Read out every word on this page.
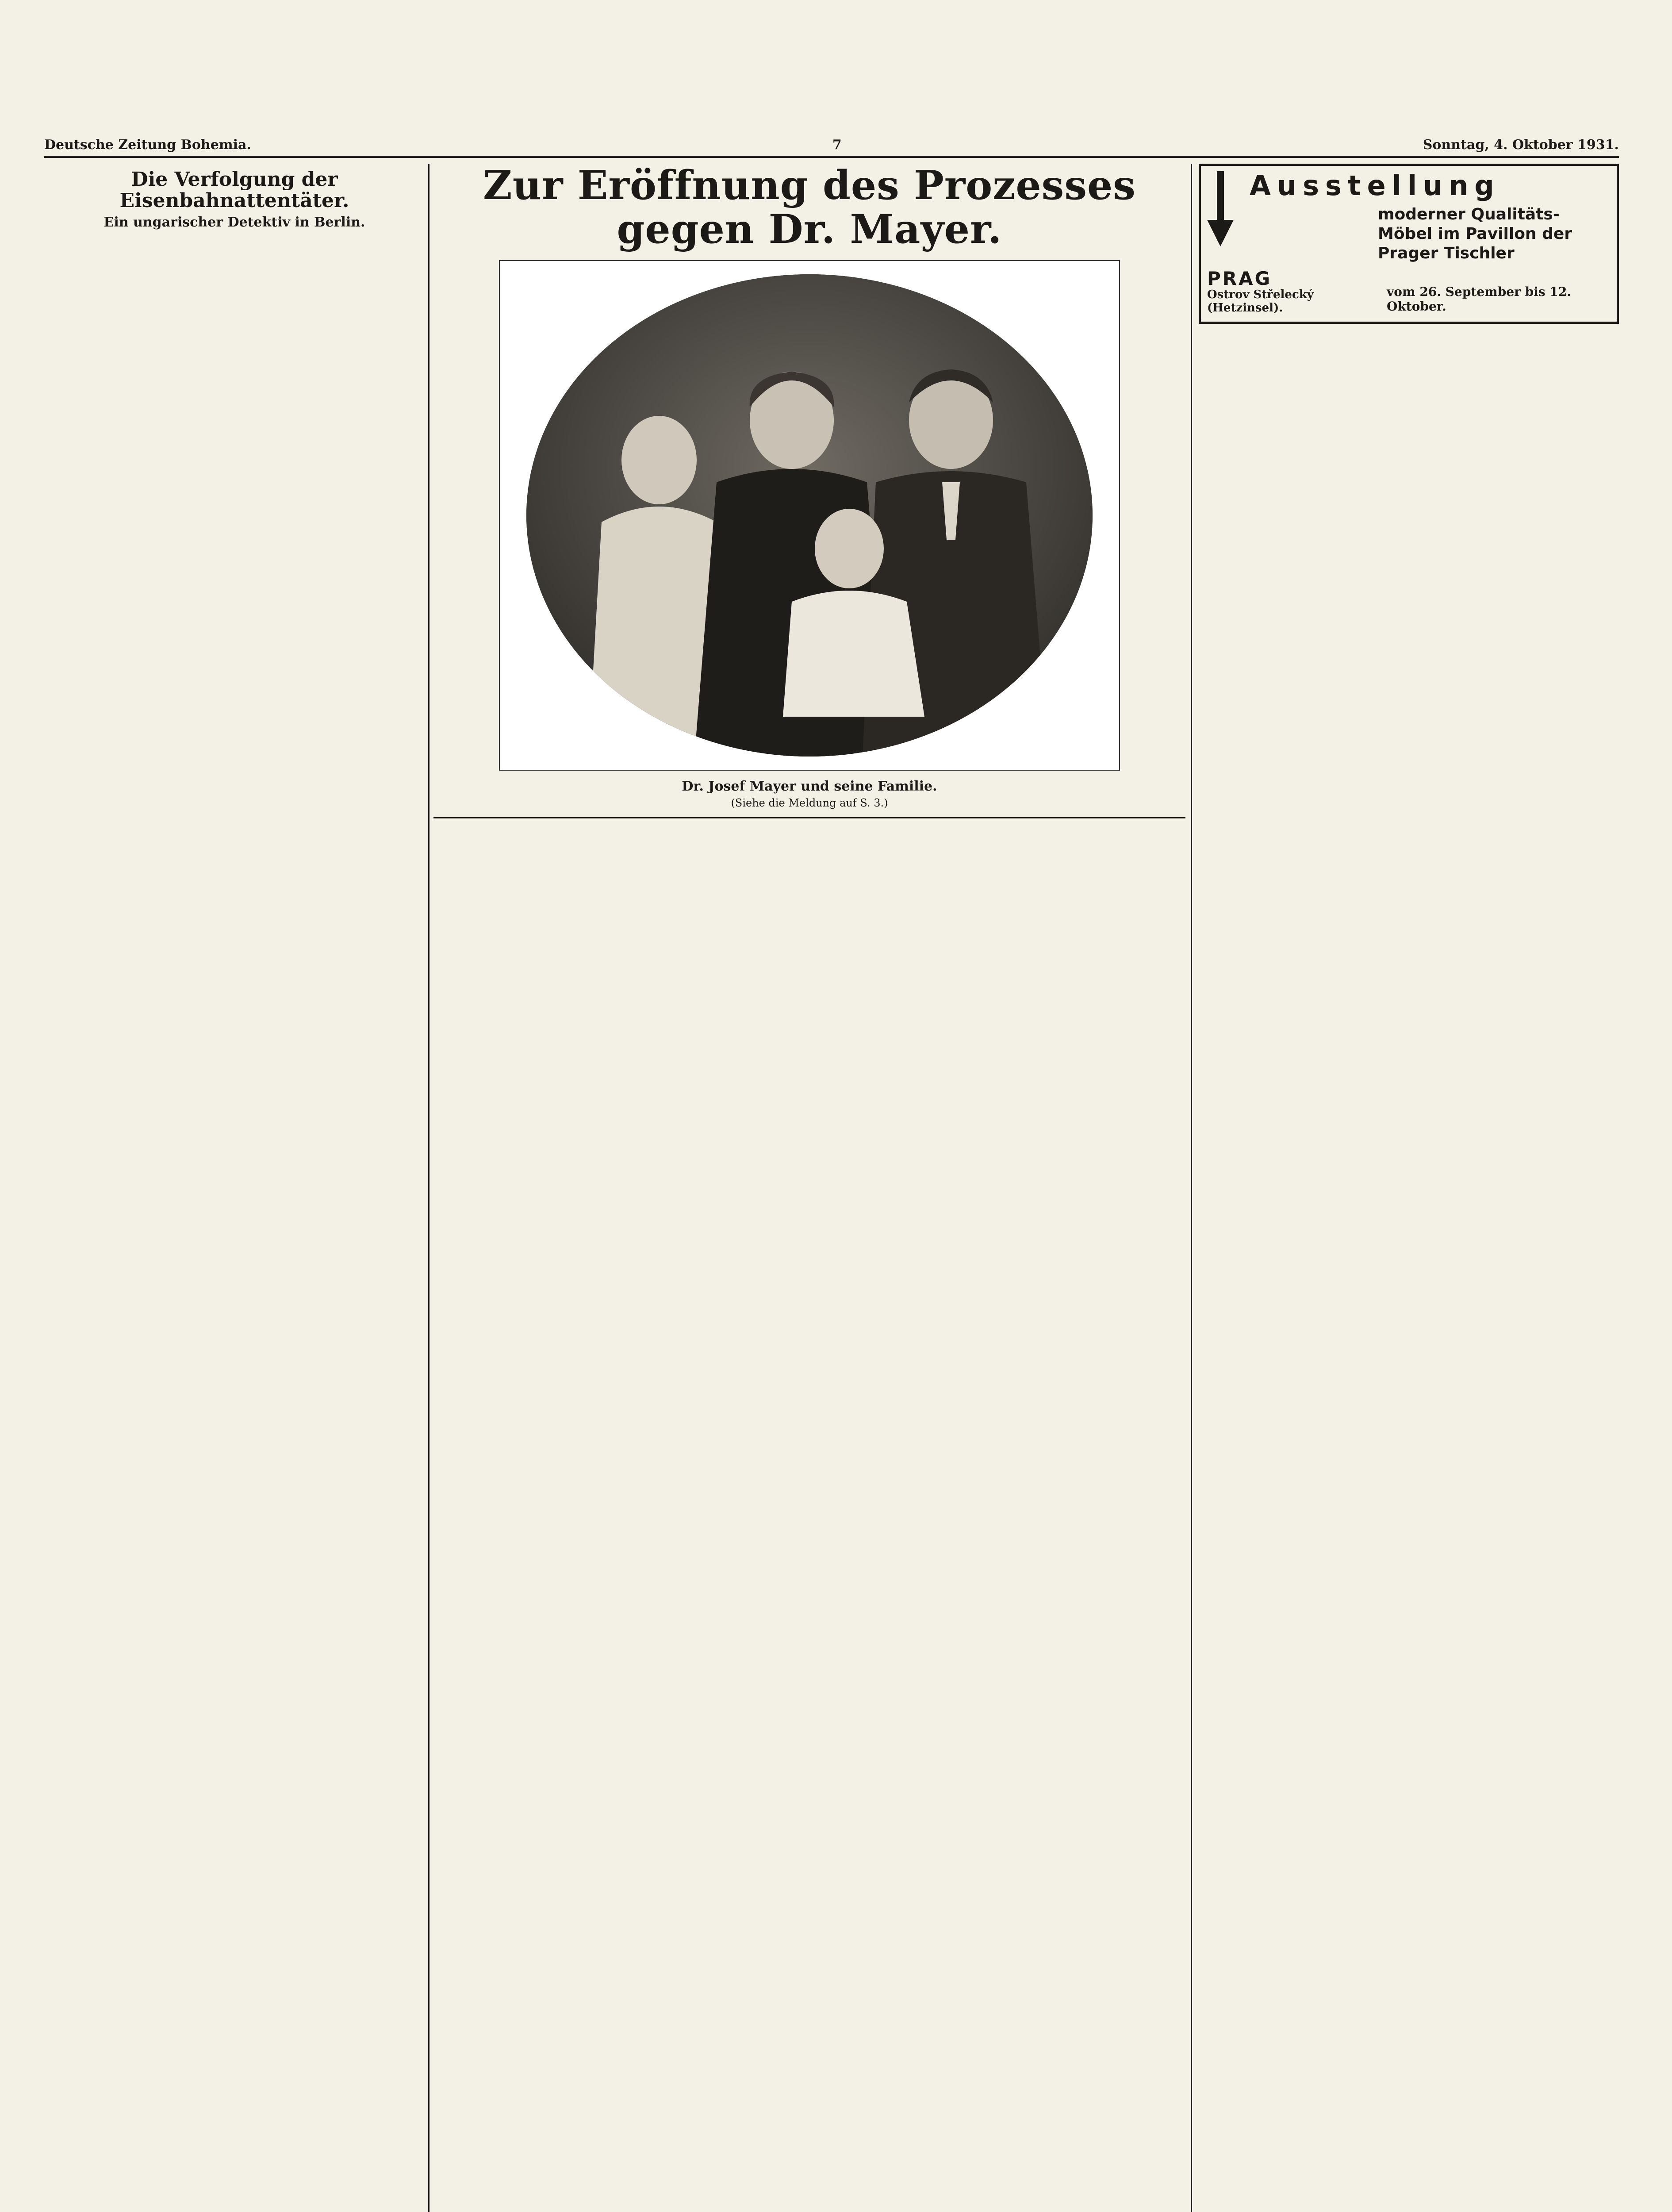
Deutsche Zeitung Bohemia.	7	Sonntag, 4. Oktober 1931.
Die Verfolgung der Eisenbahnattentäter.
Ein ungarischer Detektiv in Berlin.
Zur Eröffnung des Prozesses gegen Dr. Mayer.
Dr. Josef Mayer und seine Familie.
(Siehe die Meldung auf S. 3.)
Ausstellung
moderner Qualitäts-Möbel im Pavillon der Prager Tischler
PRAG
Ostrov Střelecký (Hetzinsel).
vom 26. September bis 12. Oktober.
